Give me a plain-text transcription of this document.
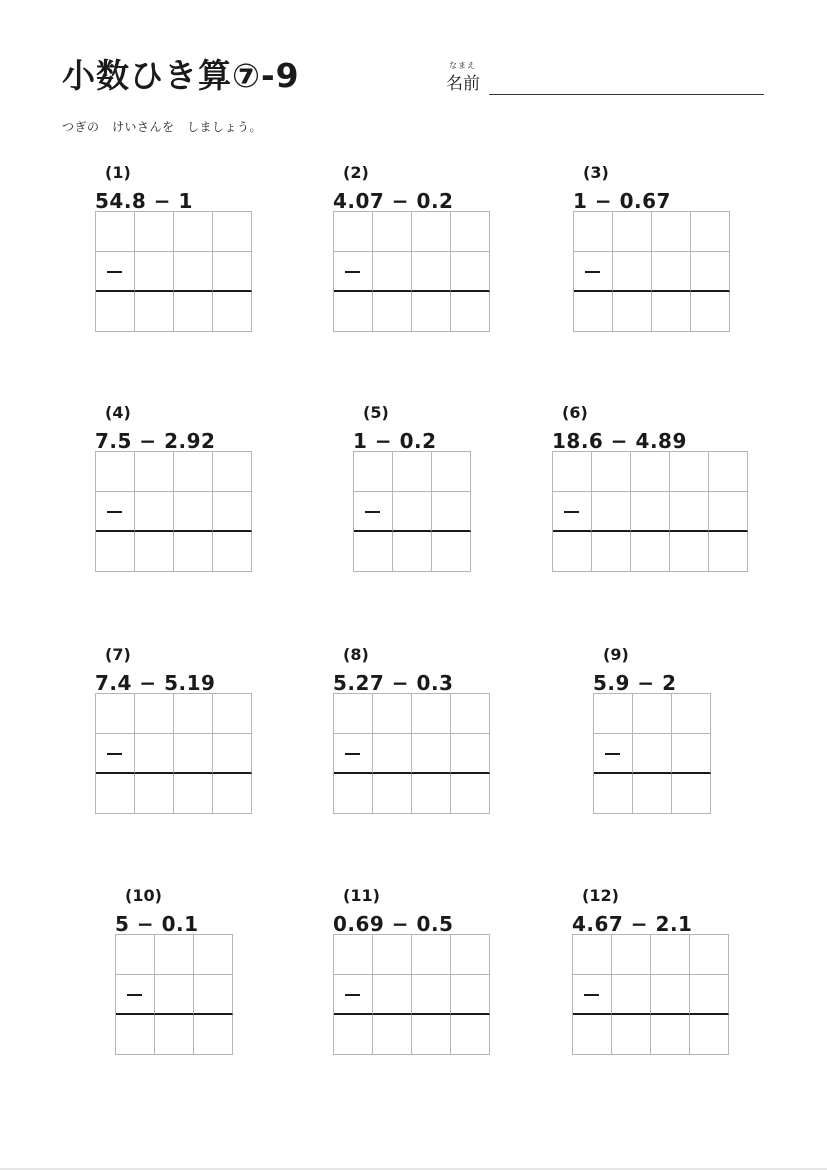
小数ひき算⑦-9	なまえ
名前
つぎの　けいさんを　しましょう。
(1)
54.8 − 1
(2)
4.07 − 0.2
(3)
1 − 0.67
(4)
7.5 − 2.92
(5)
1 − 0.2
(6)
18.6 − 4.89
(7)
7.4 − 5.19
(8)
5.27 − 0.3
(9)
5.9 − 2
(10)
5 − 0.1
(11)
0.69 − 0.5
(12)
4.67 − 2.1
